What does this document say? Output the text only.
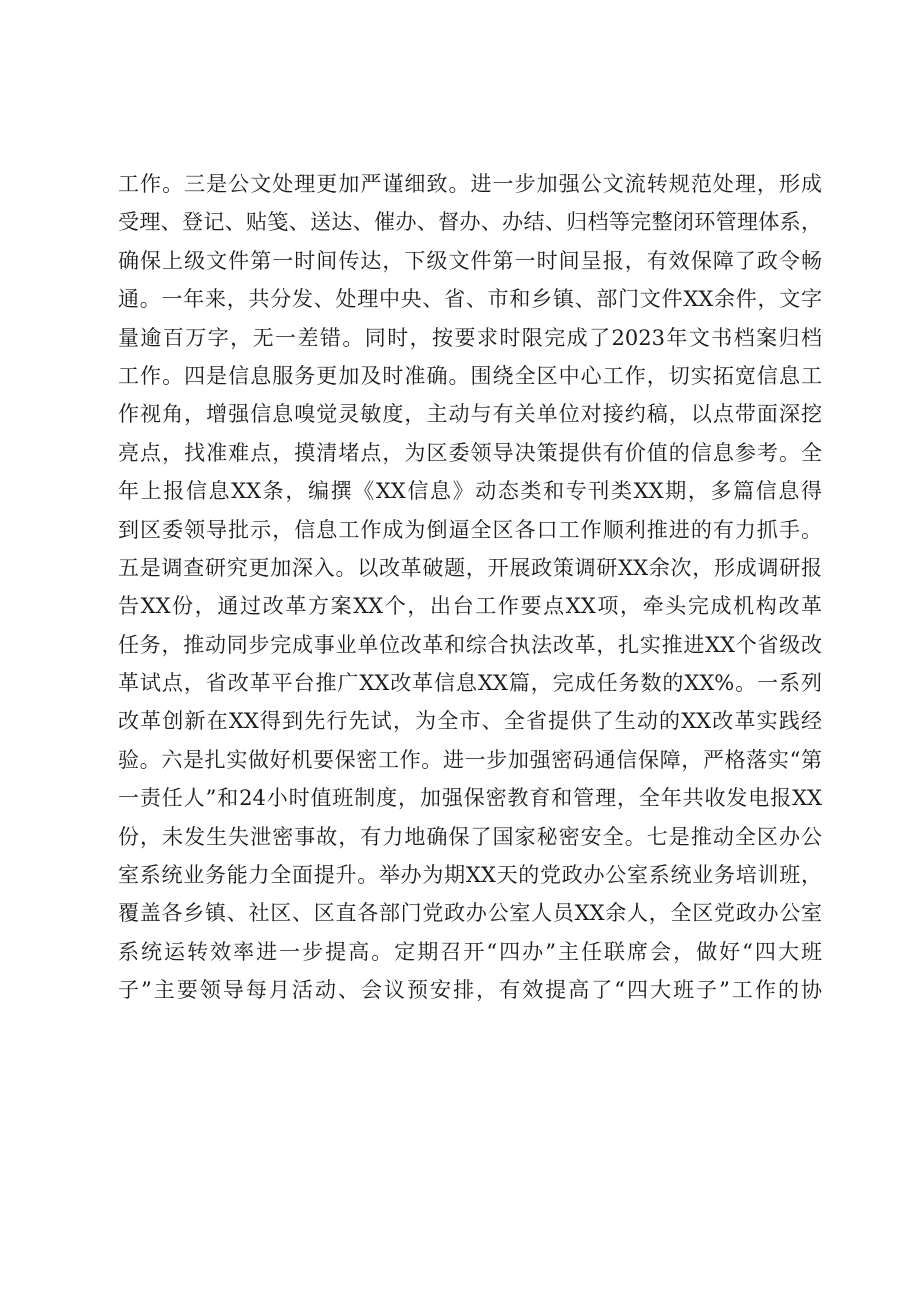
工作。三是公文处理更加严谨细致。进一步加强公文流转规范处理，形成
受理、登记、贴笺、送达、催办、督办、办结、归档等完整闭环管理体系，
确保上级文件第一时间传达，下级文件第一时间呈报，有效保障了政令畅
通。一年来，共分发、处理中央、省、市和乡镇、部门文件XX余件，文字
量逾百万字，无一差错。同时，按要求时限完成了2023年文书档案归档
工作。四是信息服务更加及时准确。围绕全区中心工作，切实拓宽信息工
作视角，增强信息嗅觉灵敏度，主动与有关单位对接约稿，以点带面深挖
亮点，找准难点，摸清堵点，为区委领导决策提供有价值的信息参考。全
年上报信息XX条，编撰《XX信息》动态类和专刊类XX期，多篇信息得
到区委领导批示，信息工作成为倒逼全区各口工作顺利推进的有力抓手。
五是调查研究更加深入。以改革破题，开展政策调研XX余次，形成调研报
告XX份，通过改革方案XX个，出台工作要点XX项，牵头完成机构改革
任务，推动同步完成事业单位改革和综合执法改革，扎实推进XX个省级改
革试点，省改革平台推广XX改革信息XX篇，完成任务数的XX%。一系列
改革创新在XX得到先行先试，为全市、全省提供了生动的XX改革实践经
验。六是扎实做好机要保密工作。进一步加强密码通信保障，严格落实“第
一责任人”和24小时值班制度，加强保密教育和管理，全年共收发电报XX
份，未发生失泄密事故，有力地确保了国家秘密安全。七是推动全区办公
室系统业务能力全面提升。举办为期XX天的党政办公室系统业务培训班，
覆盖各乡镇、社区、区直各部门党政办公室人员XX余人，全区党政办公室
系统运转效率进一步提高。定期召开“四办”主任联席会，做好“四大班
子”主要领导每月活动、会议预安排，有效提高了“四大班子”工作的协
